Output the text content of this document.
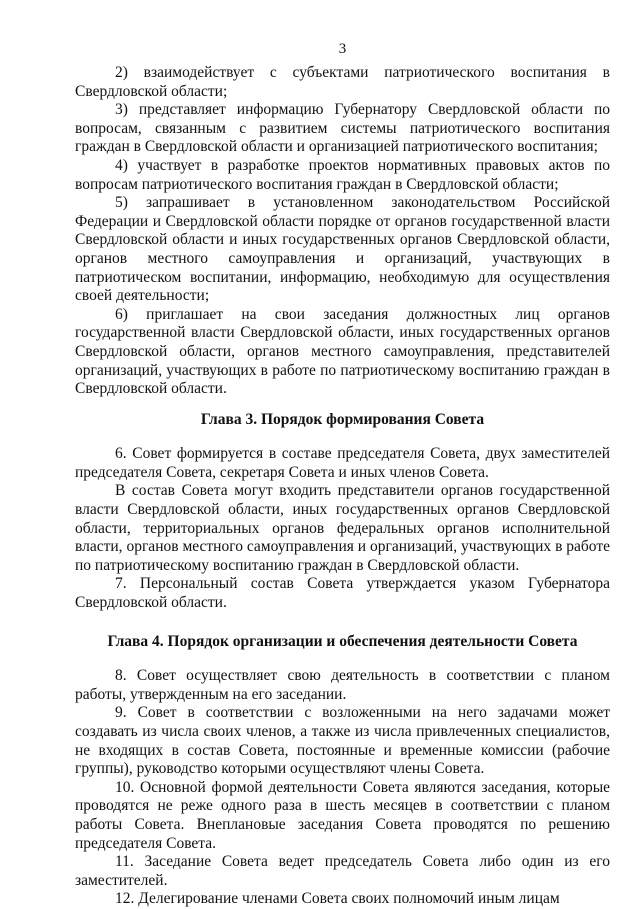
3

2) взаимодействует с субъектами патриотического воспитания в Свердловской области;

3) представляет информацию Губернатору Свердловской области по вопросам, связанным с развитием системы патриотического воспитания граждан в Свердловской области и организацией патриотического воспитания;

4) участвует в разработке проектов нормативных правовых актов по вопросам патриотического воспитания граждан в Свердловской области;

5) запрашивает в установленном законодательством Российской Федерации и Свердловской области порядке от органов государственной власти Свердловской области и иных государственных органов Свердловской области, органов местного самоуправления и организаций, участвующих в патриотическом воспитании, информацию, необходимую для осуществления своей деятельности;

6) приглашает на свои заседания должностных лиц органов государственной власти Свердловской области, иных государственных органов Свердловской области, органов местного самоуправления, представителей организаций, участвующих в работе по патриотическому воспитанию граждан в Свердловской области.

Глава 3. Порядок формирования Совета

6. Совет формируется в составе председателя Совета, двух заместителей председателя Совета, секретаря Совета и иных членов Совета.

В состав Совета могут входить представители органов государственной власти Свердловской области, иных государственных органов Свердловской области, территориальных органов федеральных органов исполнительной власти, органов местного самоуправления и организаций, участвующих в работе по патриотическому воспитанию граждан в Свердловской области.

7. Персональный состав Совета утверждается указом Губернатора Свердловской области.

Глава 4. Порядок организации и обеспечения деятельности Совета

8. Совет осуществляет свою деятельность в соответствии с планом работы, утвержденным на его заседании.

9. Совет в соответствии с возложенными на него задачами может создавать из числа своих членов, а также из числа привлеченных специалистов, не входящих в состав Совета, постоянные и временные комиссии (рабочие группы), руководство которыми осуществляют члены Совета.

10. Основной формой деятельности Совета являются заседания, которые проводятся не реже одного раза в шесть месяцев в соответствии с планом работы Совета. Внеплановые заседания Совета проводятся по решению председателя Совета.

11. Заседание Совета ведет председатель Совета либо один из его заместителей.

12. Делегирование членами Совета своих полномочий иным лицам
